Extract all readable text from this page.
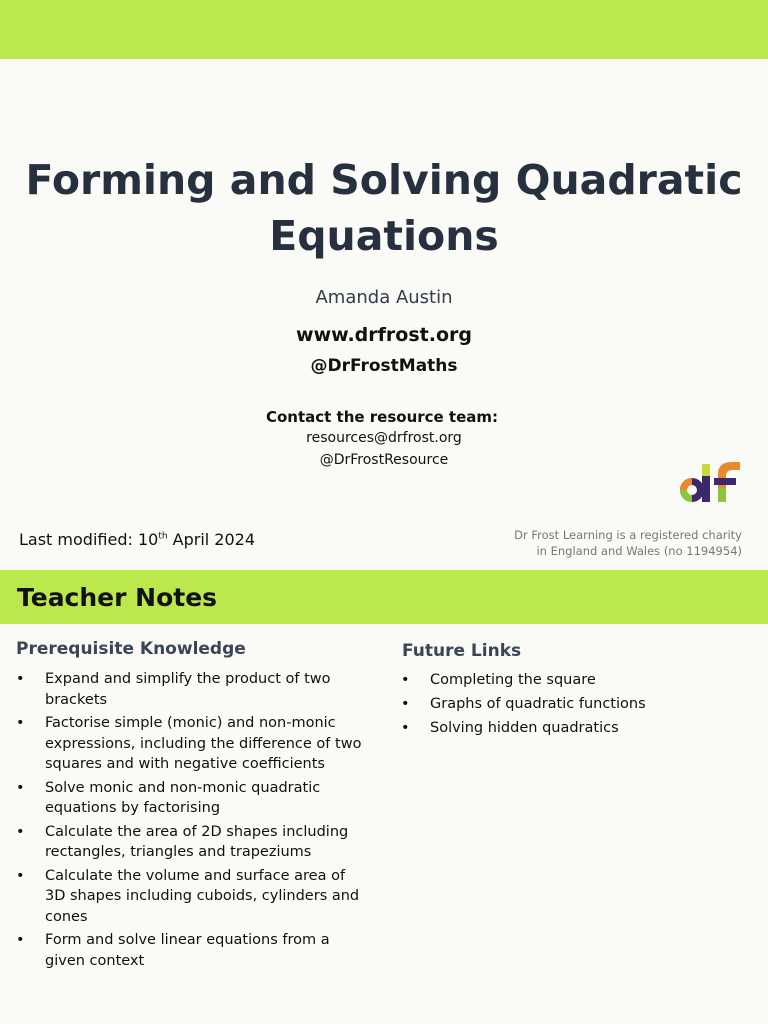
Forming and Solving Quadratic Equations
Amanda Austin
www.drfrost.org
@DrFrostMaths
Contact the resource team:
resources@drfrost.org
@DrFrostResource
Last modified: 10th April 2024	Dr Frost Learning is a registered charity
in England and Wales (no 1194954)
Teacher Notes
Prerequisite Knowledge
• Expand and simplify the product of two brackets
• Factorise simple (monic) and non-monic expressions, including the difference of two squares and with negative coefficients
• Solve monic and non-monic quadratic equations by factorising
• Calculate the area of 2D shapes including rectangles, triangles and trapeziums
• Calculate the volume and surface area of 3D shapes including cuboids, cylinders and cones
• Form and solve linear equations from a given context
Future Links
• Completing the square
• Graphs of quadratic functions
• Solving hidden quadratics
